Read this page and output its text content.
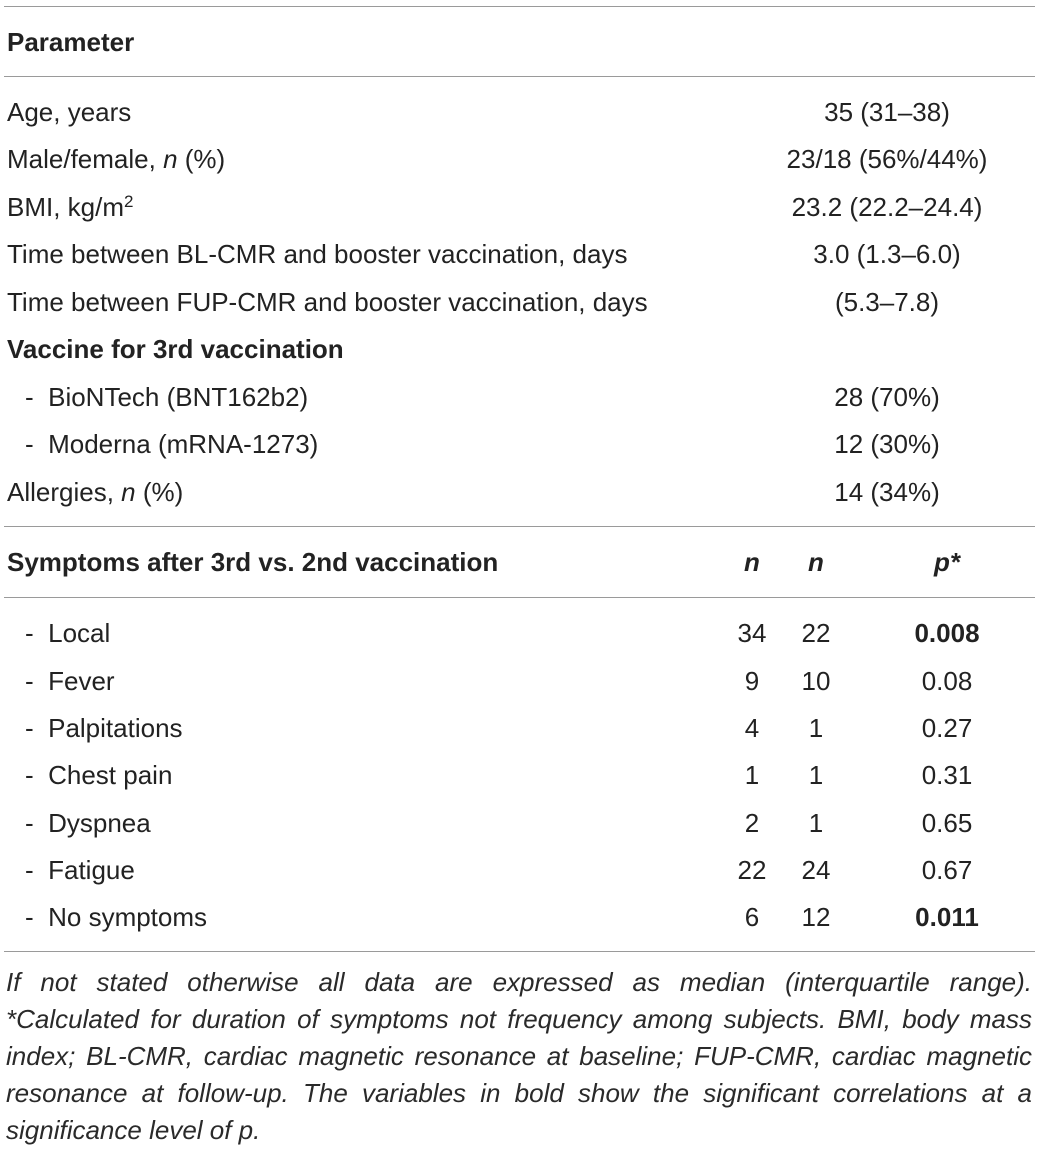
Parameter
Age, years	35 (31–38)
Male/female, n (%)	23/18 (56%/44%)
BMI, $kg/m^2$	23.2 (22.2–24.4)
Time between BL-CMR and booster vaccination, days	3.0 (1.3–6.0)
Time between FUP-CMR and booster vaccination, days	(5.3–7.8)
Vaccine for 3rd vaccination
-  BioNTech (BNT162b2)	28 (70%)
-  Moderna (mRNA-1273)	12 (30%)
Allergies, n (%)	14 (34%)
Symptoms after 3rd vs. 2nd vaccination	n n	p*
-  Local	34 22	0.008
-  Fever	9 10	0.08
-  Palpitations	4 1	0.27
-  Chest pain	1 1	0.31
-  Dyspnea	2 1	0.65
-  Fatigue	22 24	0.67
-  No symptoms	6 12	0.011
If not stated otherwise all data are expressed as median (interquartile range). *Calculated for duration of symptoms not frequency among subjects. BMI, body mass index; BL-CMR, cardiac magnetic resonance at baseline; FUP-CMR, cardiac magnetic resonance at follow-up. The variables in bold show the significant correlations at a significance level of p.
